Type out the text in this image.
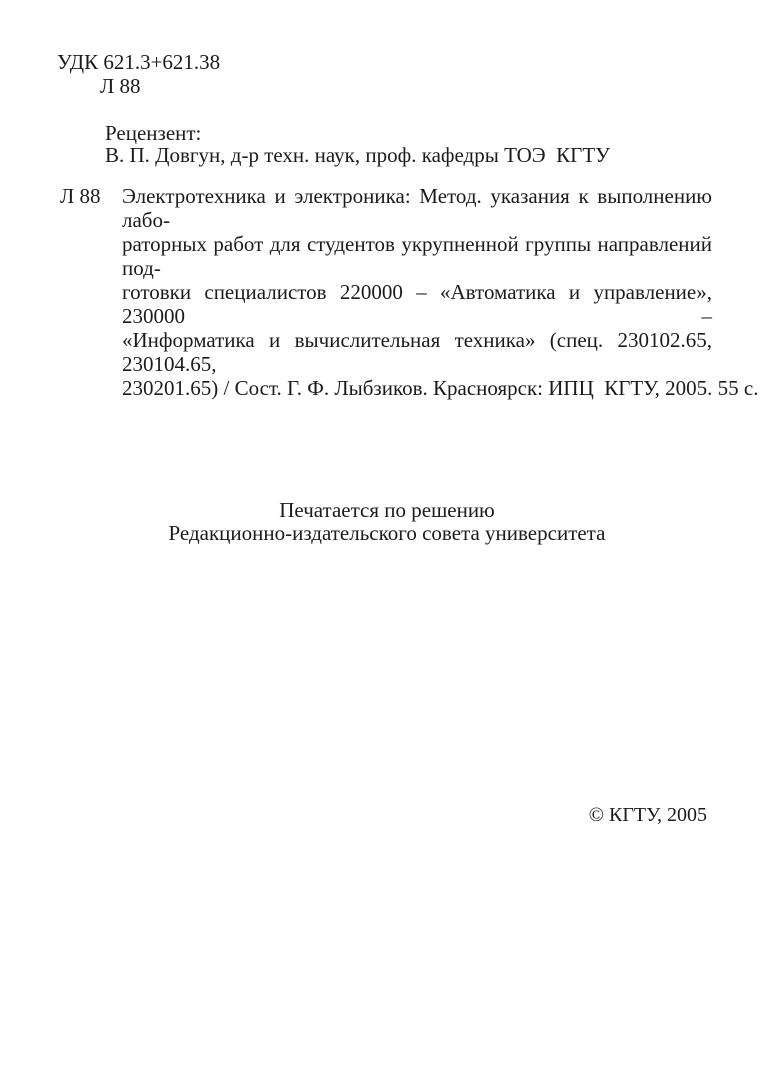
УДК 621.3+621.38
Л 88
Рецензент:
В. П. Довгун, д-р техн. наук, проф. кафедры ТОЭ КГТУ
Л 88 Электротехника и электроника: Метод. указания к выполнению лабо-
раторных работ для студентов укрупненной группы направлений под-
готовки специалистов 220000 – «Автоматика и управление», 230000 –
«Информатика и вычислительная техника» (спец. 230102.65, 230104.65,
230201.65) / Сост. Г. Ф. Лыбзиков. Красноярск: ИПЦ КГТУ, 2005. 55 с.
Печатается по решению
Редакционно-издательского совета университета
© КГТУ, 2005
